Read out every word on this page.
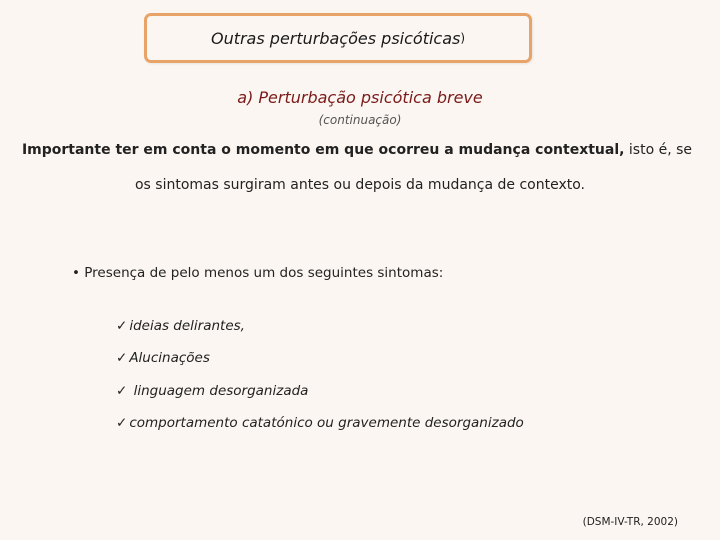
Outras perturbações psicóticas )
a) Perturbação psicótica breve
(continuação)
Importante ter em conta o momento em que ocorreu a mudança contextual, isto é, se
os sintomas surgiram antes ou depois da mudança de contexto.
• Presença de pelo menos um dos seguintes sintomas:
✓ ideias delirantes,
✓ Alucinações
✓ linguagem desorganizada
✓ comportamento catatónico ou gravemente desorganizado
(DSM-IV-TR, 2002)
